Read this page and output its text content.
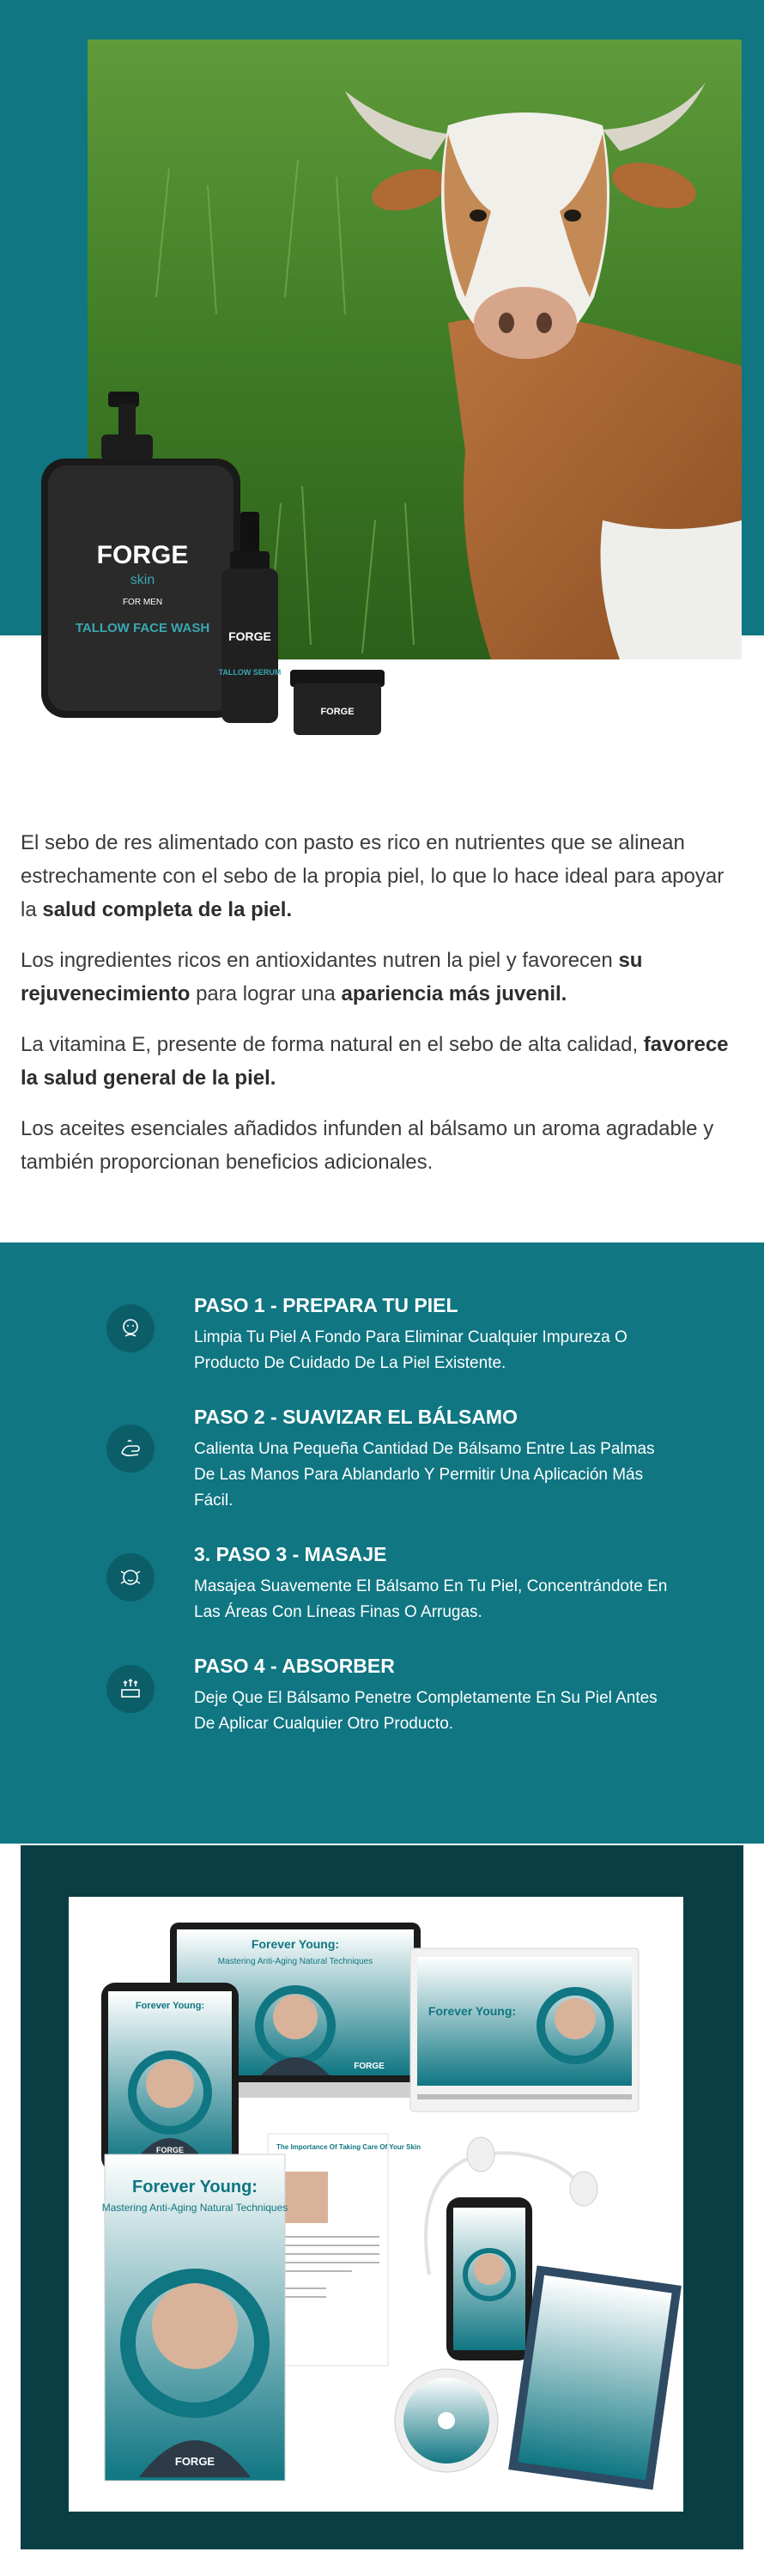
FORGE
skin
FOR MEN
TALLOW FACE WASH
FORGE
TALLOW SERUM
FORGE

El sebo de res alimentado con pasto es rico en nutrientes que se alinean estrechamente con el sebo de la propia piel, lo que lo hace ideal para apoyar la salud completa de la piel.

Los ingredientes ricos en antioxidantes nutren la piel y favorecen su rejuvenecimiento para lograr una apariencia más juvenil.

La vitamina E, presente de forma natural en el sebo de alta calidad, favorece la salud general de la piel.

Los aceites esenciales añadidos infunden al bálsamo un aroma agradable y también proporcionan beneficios adicionales.

PASO 1 - PREPARA TU PIEL
Limpia Tu Piel A Fondo Para Eliminar Cualquier Impureza O Producto De Cuidado De La Piel Existente.
PASO 2 - SUAVIZAR EL BÁLSAMO
Calienta Una Pequeña Cantidad De Bálsamo Entre Las Palmas De Las Manos Para Ablandarlo Y Permitir Una Aplicación Más Fácil.
3. PASO 3 - MASAJE
Masajea Suavemente El Bálsamo En Tu Piel, Concentrándote En Las Áreas Con Líneas Finas O Arrugas.
PASO 4 - ABSORBER
Deje Que El Bálsamo Penetre Completamente En Su Piel Antes De Aplicar Cualquier Otro Producto.
Forever Young:
Mastering Anti-Aging Natural Techniques
FORGE
Forever Young:
FORGE
Forever Young:
The Importance Of Taking Care Of Your Skin
Forever Young:
Mastering Anti-Aging Natural Techniques
FORGE
